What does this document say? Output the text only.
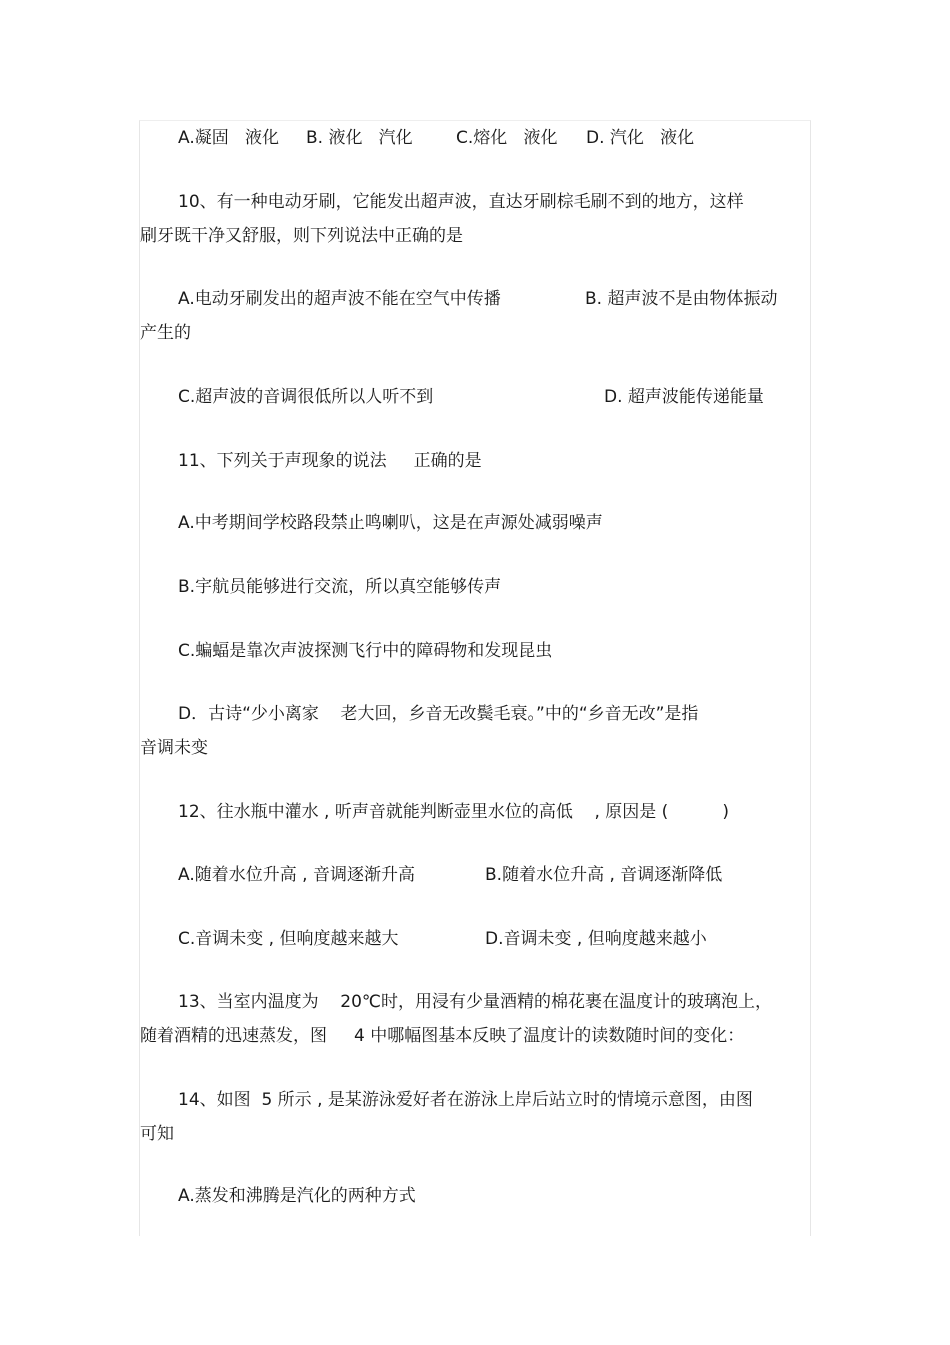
A.凝固   液化 B. 液化   汽化	C.熔化   液化 D. 汽化   液化
10、有一种电动牙刷，它能发出超声波，直达牙刷棕毛刷不到的地方，这样
刷牙既干净又舒服，则下列说法中正确的是
A.电动牙刷发出的超声波不能在空气中传播	B. 超声波不是由物体振动
产生的
C.超声波的音调很低所以人听不到	D. 超声波能传递能量
11、下列关于声现象的说法     正确的是
A.中考期间学校路段禁止鸣喇叭，这是在声源处减弱噪声
B.宇航员能够进行交流，所以真空能够传声
C.蝙蝠是靠次声波探测飞行中的障碍物和发现昆虫
D．古诗“少小离家    老大回，乡音无改鬓毛衰。”中的“乡音无改”是指
音调未变
12、往水瓶中灌水 , 听声音就能判断壶里水位的高低    , 原因是 (          )
A.随着水位升高 , 音调逐渐升高	B.随着水位升高 , 音调逐渐降低
C.音调未变 , 但响度越来越大	D.音调未变 , 但响度越来越小
13、当室内温度为    20℃时，用浸有少量酒精的棉花裹在温度计的玻璃泡上，
随着酒精的迅速蒸发，图     4 中哪幅图基本反映了温度计的读数随时间的变化：
14、如图  5 所示 , 是某游泳爱好者在游泳上岸后站立时的情境示意图，由图
可知
A.蒸发和沸腾是汽化的两种方式
